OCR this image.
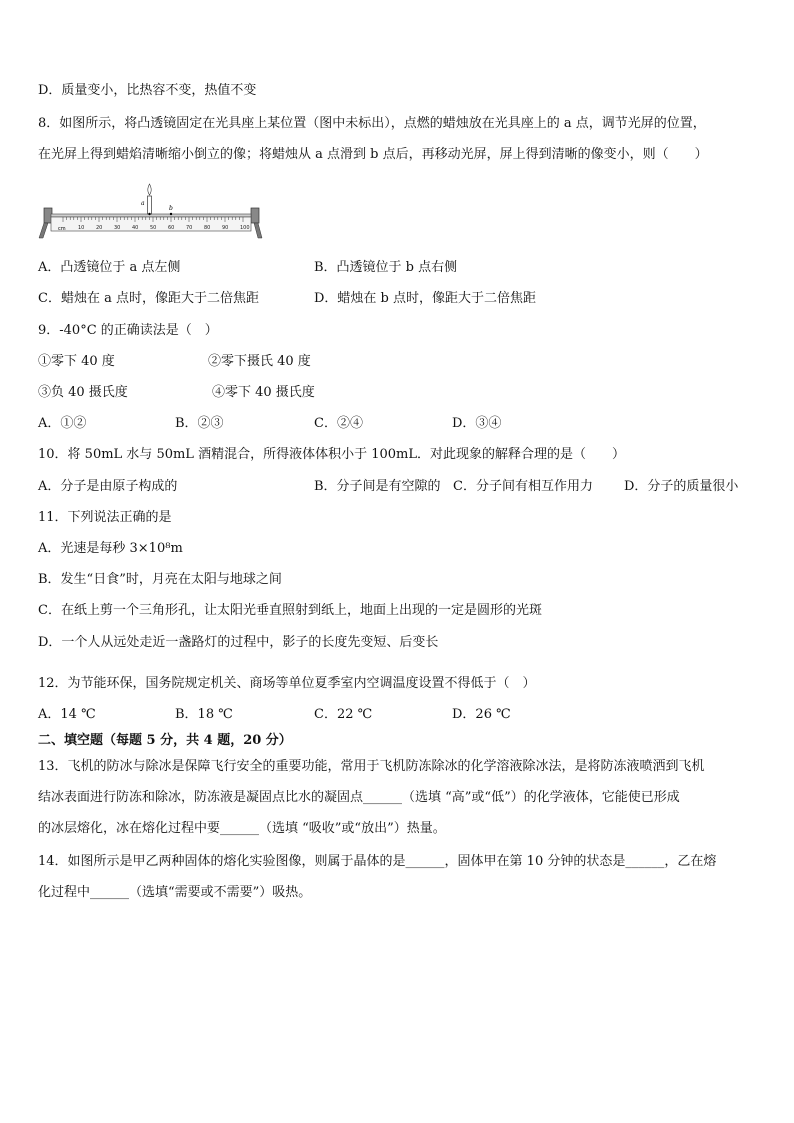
D．质量变小，比热容不变，热值不变
8．如图所示，将凸透镜固定在光具座上某位置（图中未标出），点燃的蜡烛放在光具座上的 a 点，调节光屏的位置，
在光屏上得到蜡焰清晰缩小倒立的像；将蜡烛从 a 点滑到 b 点后，再移动光屏，屏上得到清晰的像变小，则（　　）
cm 10 20 30 40 50 60 70 80 90 100
a
b
A．凸透镜位于 a 点左侧	B．凸透镜位于 b 点右侧
C．蜡烛在 a 点时，像距大于二倍焦距	D．蜡烛在 b 点时，像距大于二倍焦距
9．-40°C 的正确读法是（　）
①零下 40 度	②零下摄氏 40 度
③负 40 摄氏度	④零下 40 摄氏度
A．①②	B．②③	C．②④	D．③④
10．将 50mL 水与 50mL 酒精混合，所得液体体积小于 100mL．对此现象的解释合理的是（　　）
A．分子是由原子构成的	B．分子间是有空隙的 C．分子间有相互作用力 D．分子的质量很小
11．下列说法正确的是
A．光速是每秒 3×10⁸m
B．发生“日食”时，月亮在太阳与地球之间
C．在纸上剪一个三角形孔，让太阳光垂直照射到纸上，地面上出现的一定是圆形的光斑
D．一个人从远处走近一盏路灯的过程中，影子的长度先变短、后变长
12．为节能环保，国务院规定机关、商场等单位夏季室内空调温度设置不得低于（　）
A．14 ℃	B．18 ℃	C．22 ℃	D．26 ℃
二、填空题（每题 5 分，共 4 题，20 分）
13．飞机的防冰与除冰是保障飞行安全的重要功能，常用于飞机防冻除冰的化学溶液除冰法，是将防冻液喷洒到飞机
结冰表面进行防冻和除冰，防冻液是凝固点比水的凝固点______（选填 “高”或“低”）的化学液体，它能使已形成
的冰层熔化，冰在熔化过程中要______（选填 “吸收”或“放出”）热量。
14．如图所示是甲乙两种固体的熔化实验图像，则属于晶体的是______，固体甲在第 10 分钟的状态是______，乙在熔
化过程中______（选填“需要或不需要”）吸热。
